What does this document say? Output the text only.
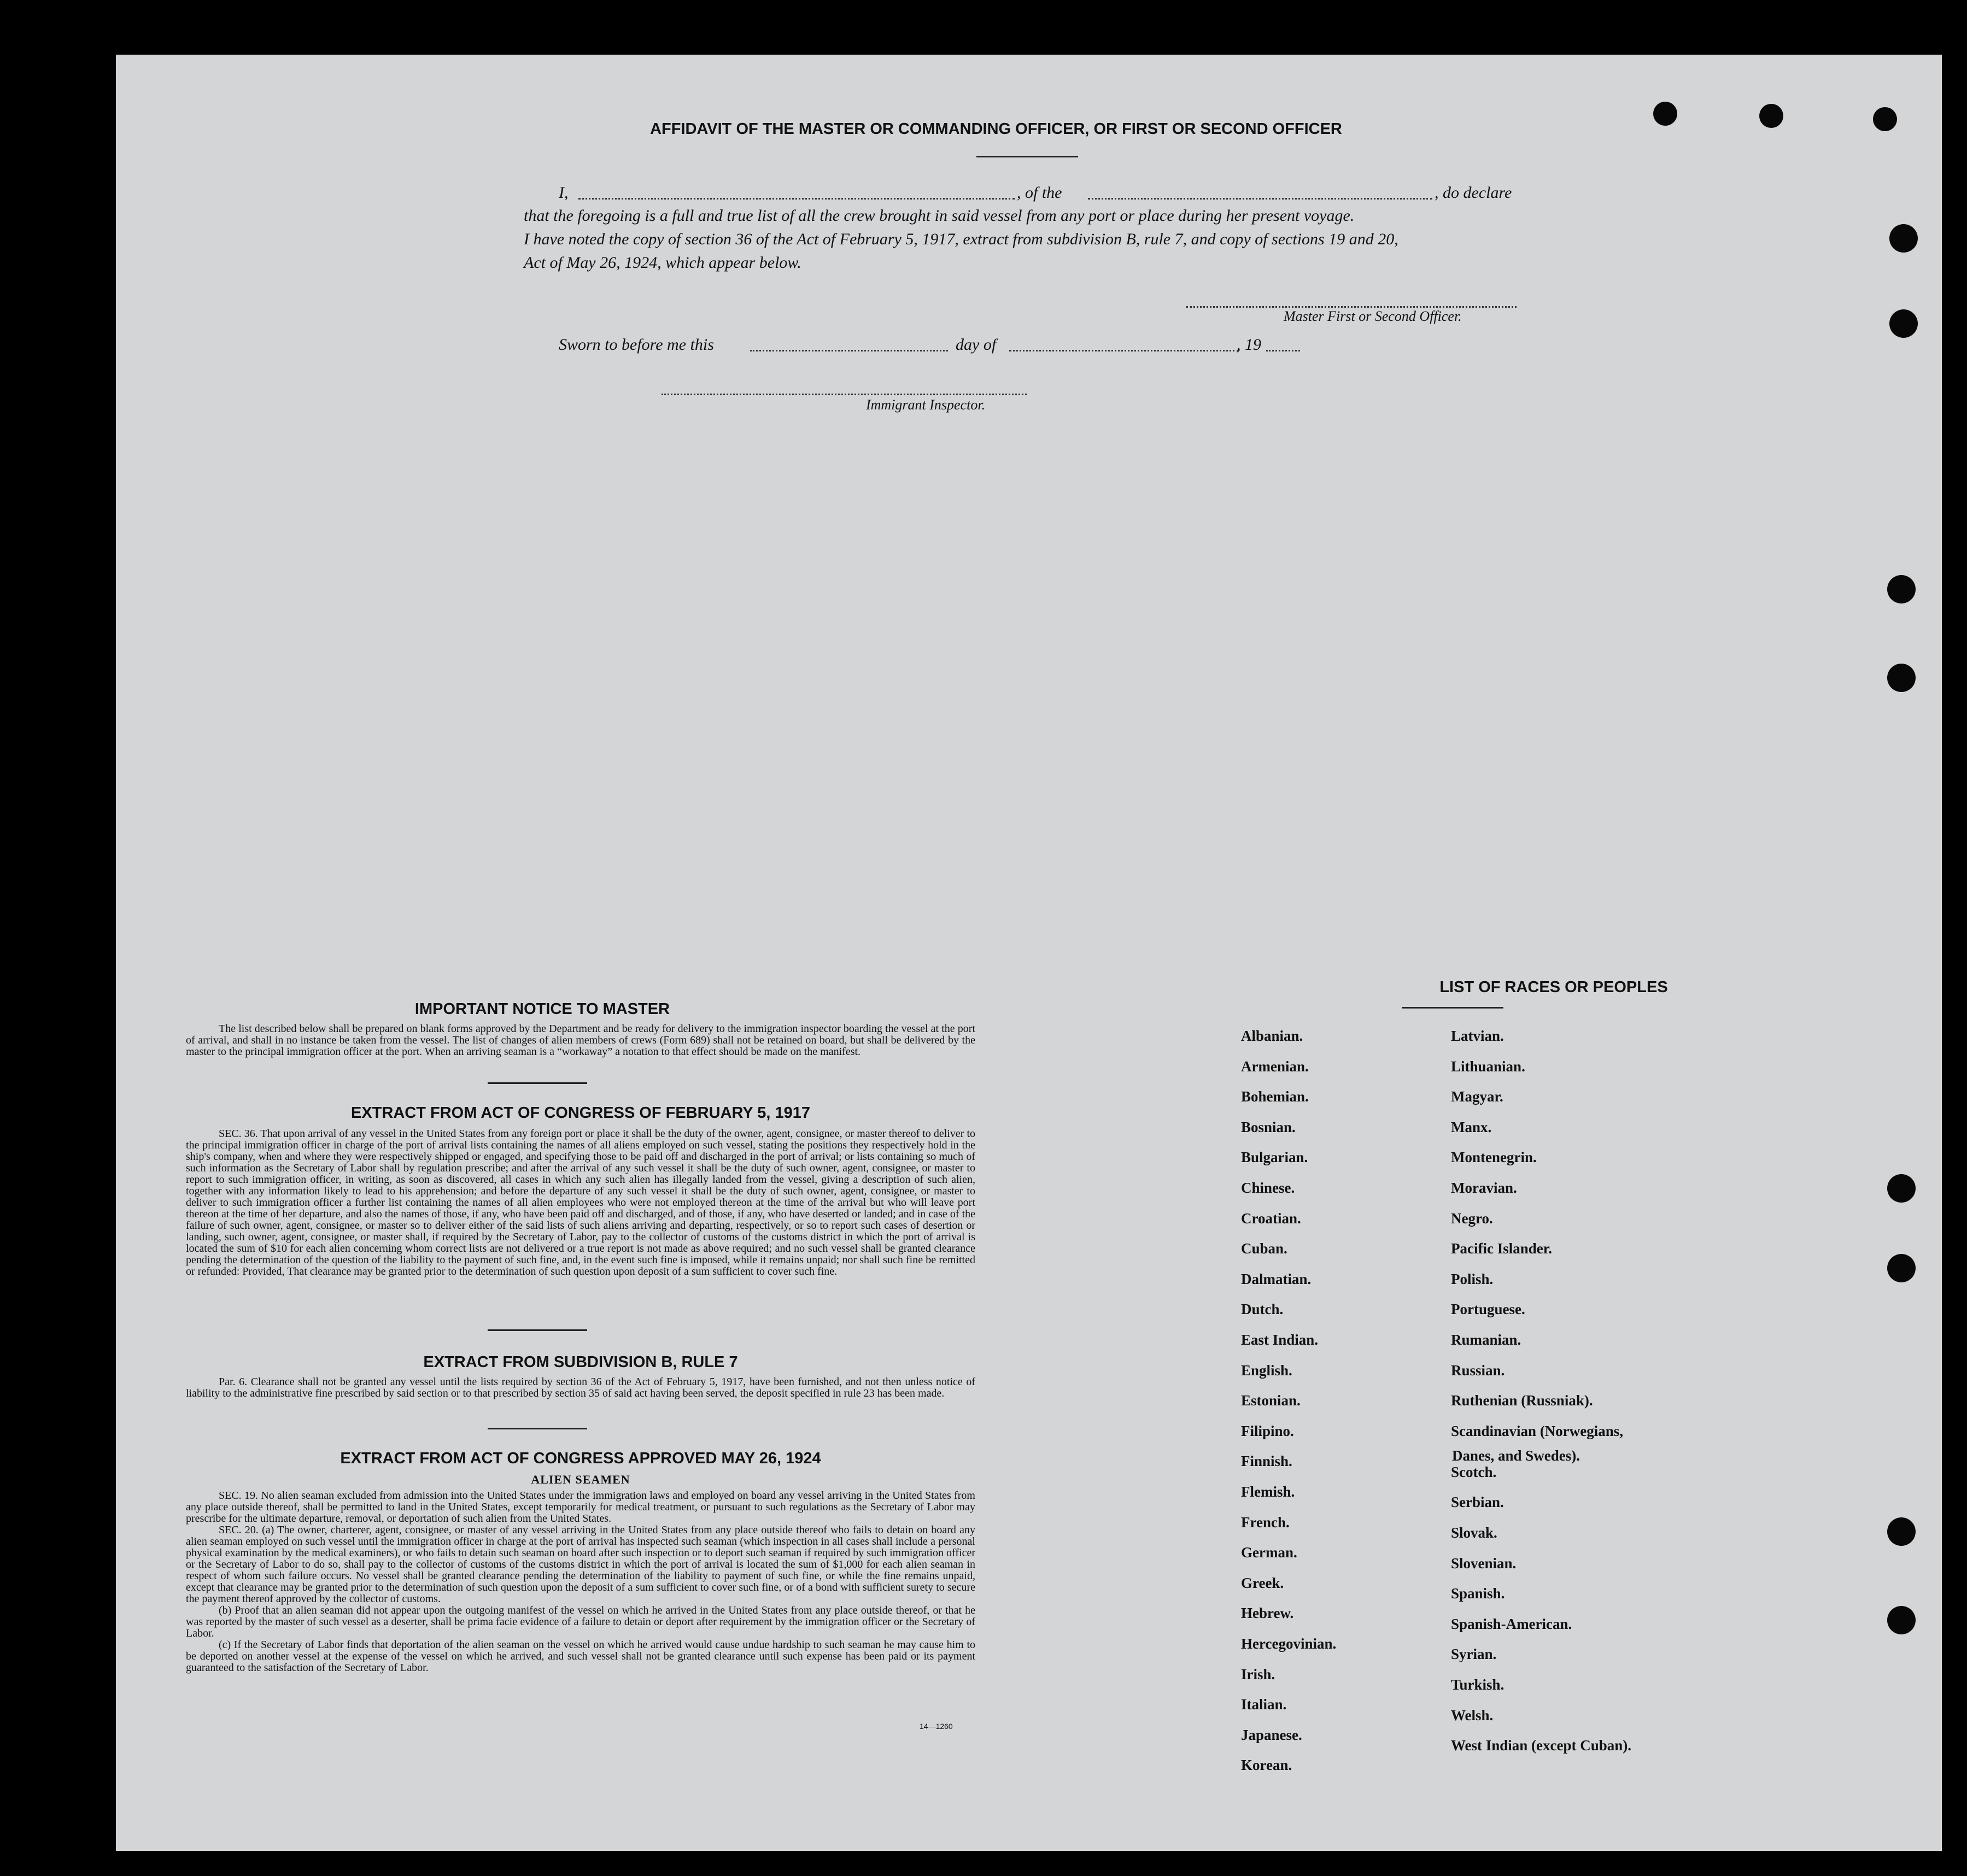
AFFIDAVIT OF THE MASTER OR COMMANDING OFFICER, OR FIRST OR SECOND OFFICER
I,	, of the	, do declare
that the foregoing is a full and true list of all the crew brought in said vessel from any port or place during her present voyage.
I have noted the copy of section 36 of the Act of February 5, 1917, extract from subdivision B, rule 7, and copy of sections 19 and 20,
Act of May 26, 1924, which appear below.
Master First or Second Officer.
Sworn to before me this	day of	, 19
Immigrant Inspector.
IMPORTANT NOTICE TO MASTER
The list described below shall be prepared on blank forms approved by the Department and be ready for delivery to the immigration inspector boarding the vessel at the port of arrival, and shall in no instance be taken from the vessel. The list of changes of alien members of crews (Form 689) shall not be retained on board, but shall be delivered by the master to the principal immigration officer at the port. When an arriving seaman is a “workaway” a notation to that effect should be made on the manifest.
EXTRACT FROM ACT OF CONGRESS OF FEBRUARY 5, 1917
SEC. 36. That upon arrival of any vessel in the United States from any foreign port or place it shall be the duty of the owner, agent, consignee, or master thereof to deliver to the principal immigration officer in charge of the port of arrival lists containing the names of all aliens employed on such vessel, stating the positions they respectively hold in the ship's company, when and where they were respectively shipped or engaged, and specifying those to be paid off and discharged in the port of arrival; or lists containing so much of such information as the Secretary of Labor shall by regulation prescribe; and after the arrival of any such vessel it shall be the duty of such owner, agent, consignee, or master to report to such immigration officer, in writing, as soon as discovered, all cases in which any such alien has illegally landed from the vessel, giving a description of such alien, together with any information likely to lead to his apprehension; and before the departure of any such vessel it shall be the duty of such owner, agent, consignee, or master to deliver to such immigration officer a further list containing the names of all alien employees who were not employed thereon at the time of the arrival but who will leave port thereon at the time of her departure, and also the names of those, if any, who have been paid off and discharged, and of those, if any, who have deserted or landed; and in case of the failure of such owner, agent, consignee, or master so to deliver either of the said lists of such aliens arriving and departing, respectively, or so to report such cases of desertion or landing, such owner, agent, consignee, or master shall, if required by the Secretary of Labor, pay to the collector of customs of the customs district in which the port of arrival is located the sum of $10 for each alien concerning whom correct lists are not delivered or a true report is not made as above required; and no such vessel shall be granted clearance pending the determination of the question of the liability to the payment of such fine, and, in the event such fine is imposed, while it remains unpaid; nor shall such fine be remitted or refunded: Provided, That clearance may be granted prior to the determination of such question upon deposit of a sum sufficient to cover such fine.
EXTRACT FROM SUBDIVISION B, RULE 7
Par. 6. Clearance shall not be granted any vessel until the lists required by section 36 of the Act of February 5, 1917, have been furnished, and not then unless notice of liability to the administrative fine prescribed by said section or to that prescribed by section 35 of said act having been served, the deposit specified in rule 23 has been made.
EXTRACT FROM ACT OF CONGRESS APPROVED MAY 26, 1924
ALIEN SEAMEN
SEC. 19. No alien seaman excluded from admission into the United States under the immigration laws and employed on board any vessel arriving in the United States from any place outside thereof, shall be permitted to land in the United States, except temporarily for medical treatment, or pursuant to such regulations as the Secretary of Labor may prescribe for the ultimate departure, removal, or deportation of such alien from the United States.
SEC. 20. (a) The owner, charterer, agent, consignee, or master of any vessel arriving in the United States from any place outside thereof who fails to detain on board any alien seaman employed on such vessel until the immigration officer in charge at the port of arrival has inspected such seaman (which inspection in all cases shall include a personal physical examination by the medical examiners), or who fails to detain such seaman on board after such inspection or to deport such seaman if required by such immigration officer or the Secretary of Labor to do so, shall pay to the collector of customs of the customs district in which the port of arrival is located the sum of $1,000 for each alien seaman in respect of whom such failure occurs. No vessel shall be granted clearance pending the determination of the liability to payment of such fine, or while the fine remains unpaid, except that clearance may be granted prior to the determination of such question upon the deposit of a sum sufficient to cover such fine, or of a bond with sufficient surety to secure the payment thereof approved by the collector of customs.
(b) Proof that an alien seaman did not appear upon the outgoing manifest of the vessel on which he arrived in the United States from any place outside thereof, or that he was reported by the master of such vessel as a deserter, shall be prima facie evidence of a failure to detain or deport after requirement by the immigration officer or the Secretary of Labor.
(c) If the Secretary of Labor finds that deportation of the alien seaman on the vessel on which he arrived would cause undue hardship to such seaman he may cause him to be deported on another vessel at the expense of the vessel on which he arrived, and such vessel shall not be granted clearance until such expense has been paid or its payment guaranteed to the satisfaction of the Secretary of Labor.
14—1260
LIST OF RACES OR PEOPLES
Albanian.
Armenian.
Bohemian.
Bosnian.
Bulgarian.
Chinese.
Croatian.
Cuban.
Dalmatian.
Dutch.
East Indian.
English.
Estonian.
Filipino.
Finnish.
Flemish.
French.
German.
Greek.
Hebrew.
Hercegovinian.
Irish.
Italian.
Japanese.
Korean.
Latvian.
Lithuanian.
Magyar.
Manx.
Montenegrin.
Moravian.
Negro.
Pacific Islander.
Polish.
Portuguese.
Rumanian.
Russian.
Ruthenian (Russniak).
Scandinavian (Norwegians,
Scotch.
Serbian.
Slovak.
Slovenian.
Spanish.
Spanish-American.
Syrian.
Turkish.
Welsh.
West Indian (except Cuban).
Danes, and Swedes).
